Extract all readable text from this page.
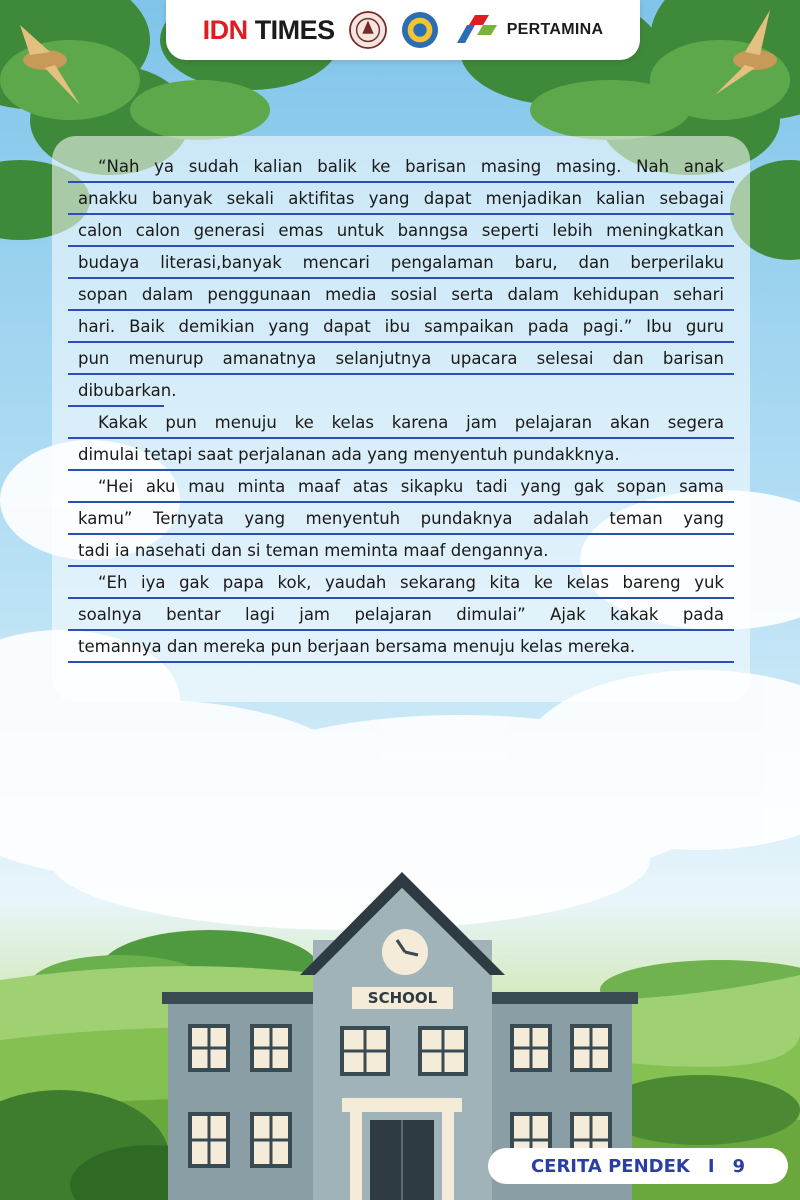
SCHOOL
IDN TIMES	PERTAMINA
“Nah ya sudah kalian balik ke barisan masing masing. Nah anak
anakku banyak sekali aktifitas yang dapat menjadikan kalian sebagai
calon calon generasi emas untuk banngsa seperti lebih meningkatkan
budaya literasi,banyak mencari pengalaman baru, dan berperilaku
sopan dalam penggunaan media sosial serta dalam kehidupan sehari
hari. Baik demikian yang dapat ibu sampaikan pada pagi.” Ibu guru
pun menurup amanatnya selanjutnya upacara selesai dan barisan
dibubarkan.
Kakak pun menuju ke kelas karena jam pelajaran akan segera
dimulai tetapi saat perjalanan ada yang menyentuh pundakknya.
“Hei aku mau minta maaf atas sikapku tadi yang gak sopan sama
kamu” Ternyata yang menyentuh pundaknya adalah teman yang
tadi ia nasehati dan si teman meminta maaf dengannya.
“Eh iya gak papa kok, yaudah sekarang kita ke kelas bareng yuk
soalnya bentar lagi jam pelajaran dimulai” Ajak kakak pada
temannya dan mereka pun berjaan bersama menuju kelas mereka.
CERITA PENDEK I 9
